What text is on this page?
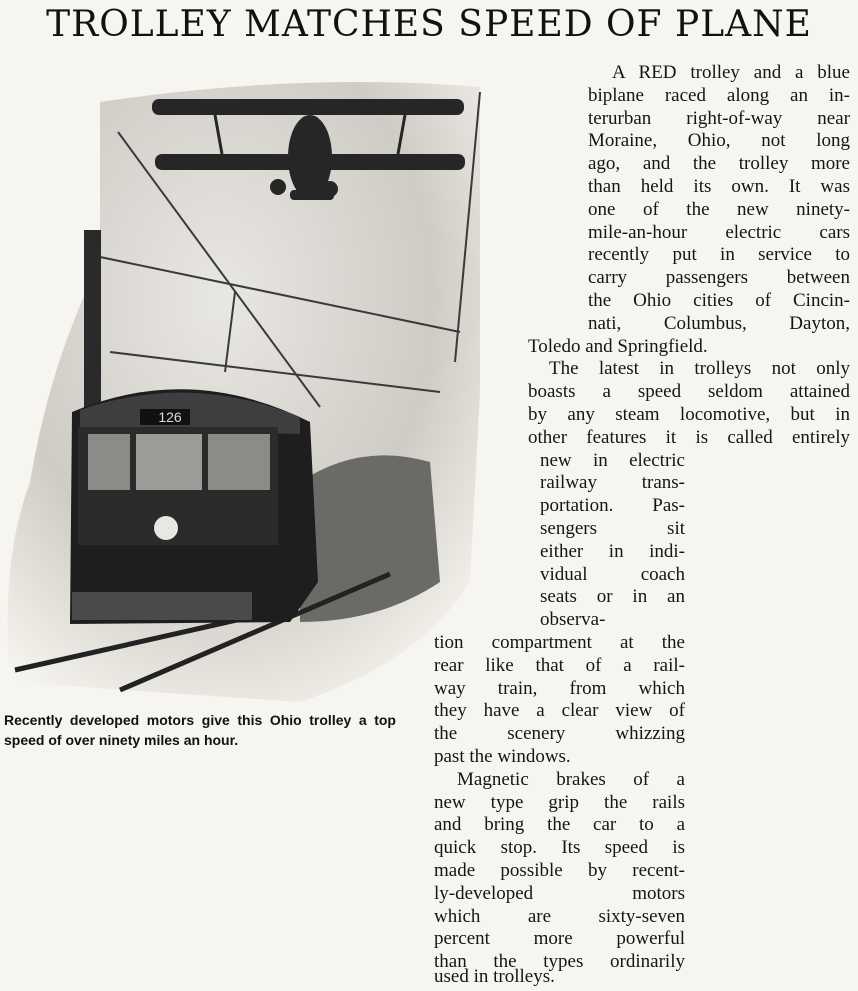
TROLLEY MATCHES SPEED OF PLANE
126
Recently developed motors give this Ohio trolley a top speed of over ninety miles an hour.

A RED trolley and a blue

biplane raced along an in-

terurban right-of-way near

Moraine, Ohio, not long

ago, and the trolley more

than held its own. It was

one of the new ninety-

mile-an-hour electric cars

recently put in service to

carry passengers between

the Ohio cities of Cincin-

nati, Columbus, Dayton,

Toledo and Springfield.

The latest in trolleys not only

boasts a speed seldom attained

by any steam locomotive, but in

other features it is called entirely

new in electric

railway trans-

portation. Pas-

sengers sit

either in indi-

vidual coach

seats or in an

observa-

tion compartment at the

rear like that of a rail-

way train, from which

they have a clear view of

the scenery whizzing

past the windows.

Magnetic brakes of a

new type grip the rails

and bring the car to a

quick stop. Its speed is

made possible by recent-

ly-developed motors

which are sixty-seven

percent more powerful

than the types ordinarily

used in trolleys.
